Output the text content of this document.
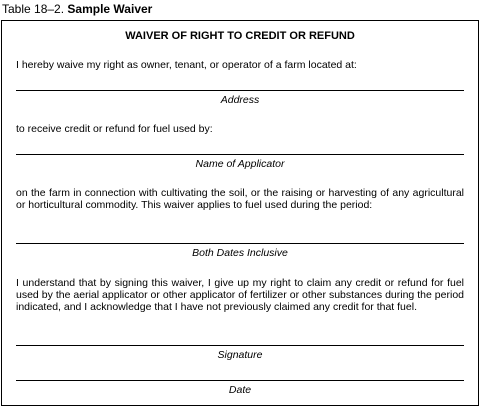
Table 18–2. Sample Waiver
WAIVER OF RIGHT TO CREDIT OR REFUND
I hereby waive my right as owner, tenant, or operator of a farm located at:
Address
to receive credit or refund for fuel used by:
Name of Applicator
on the farm in connection with cultivating the soil, or the raising or harvesting of any agricultural or horticultural commodity. This waiver applies to fuel used during the period:
Both Dates Inclusive
I understand that by signing this waiver, I give up my right to claim any credit or refund for fuel used by the aerial applicator or other applicator of fertilizer or other substances during the period indicated, and I acknowledge that I have not previously claimed any credit for that fuel.
Signature
Date
